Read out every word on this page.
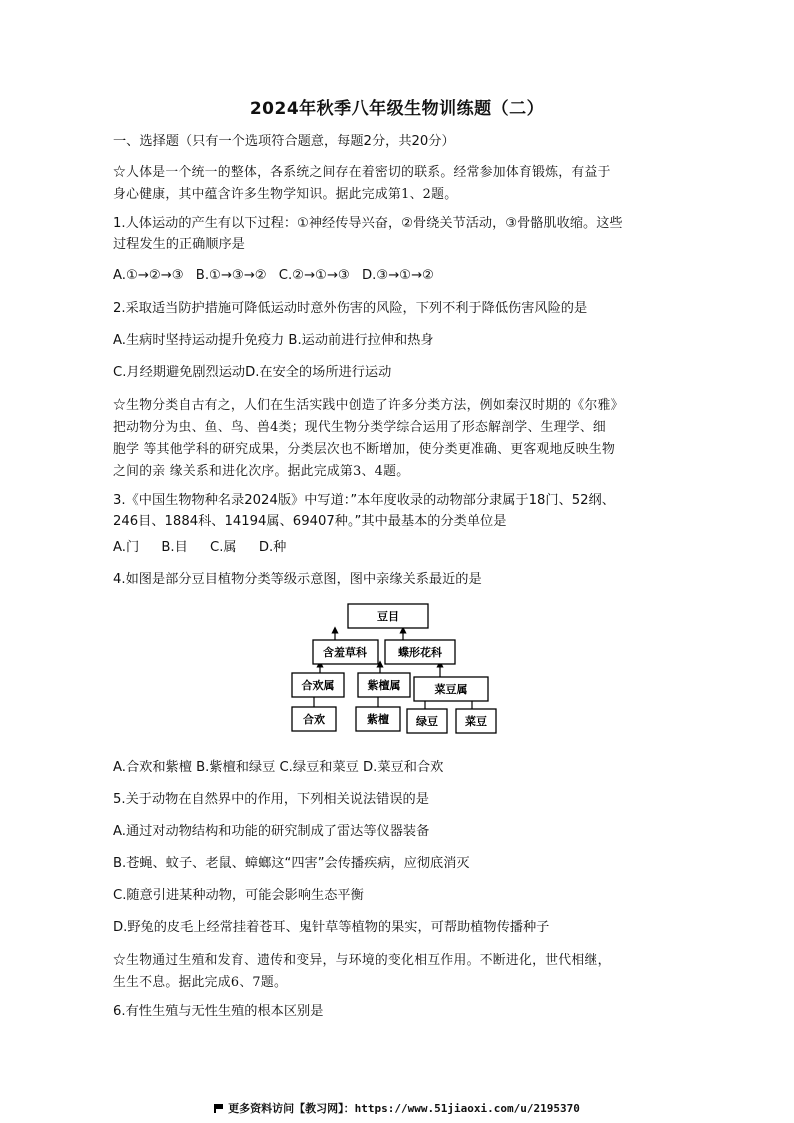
2024年秋季八年级生物训练题（二）
一、选择题（只有一个选项符合题意，每题2分，共20分）
☆人体是一个统一的整体，各系统之间存在着密切的联系。经常参加体育锻炼，有益于
身心健康，其中蕴含许多生物学知识。据此完成第1、2题。
1.人体运动的产生有以下过程：①神经传导兴奋，②骨绕关节活动，③骨骼肌收缩。这些
过程发生的正确顺序是
A.①→②→③ B.①→③→② C.②→①→③ D.③→①→②
2.采取适当防护措施可降低运动时意外伤害的风险，下列不利于降低伤害风险的是
A.生病时坚持运动提升免疫力 B.运动前进行拉伸和热身
C.月经期避免剧烈运动D.在安全的场所进行运动
☆生物分类自古有之，人们在生活实践中创造了许多分类方法，例如秦汉时期的《尔雅》
把动物分为虫、鱼、鸟、兽4类；现代生物分类学综合运用了形态解剖学、生理学、细
胞学 等其他学科的研究成果，分类层次也不断增加，使分类更准确、更客观地反映生物
之间的亲 缘关系和进化次序。据此完成第3、4题。
3.《中国生物物种名录2024版》中写道：”本年度收录的动物部分隶属于18门、52纲、
246目、1884科、14194属、69407种。”其中最基本的分类单位是
A.门 B.目 C.属 D.种
4.如图是部分豆目植物分类等级示意图，图中亲缘关系最近的是
豆目
含羞草科	蝶形花科
合欢属	紫檀属	菜豆属
合欢	紫檀 绿豆 菜豆
A.合欢和紫檀 B.紫檀和绿豆 C.绿豆和菜豆 D.菜豆和合欢
5.关于动物在自然界中的作用，下列相关说法错误的是
A.通过对动物结构和功能的研究制成了雷达等仪器装备
B.苍蝇、蚊子、老鼠、蟑螂这“四害”会传播疾病，应彻底消灭
C.随意引进某种动物，可能会影响生态平衡
D.野兔的皮毛上经常挂着苍耳、鬼针草等植物的果实，可帮助植物传播种子
☆生物通过生殖和发育、遗传和变异，与环境的变化相互作用。不断进化，世代相继，
生生不息。据此完成6、7题。
6.有性生殖与无性生殖的根本区别是
更多资料访问【教习网】：https://www.51jiaoxi.com/u/2195370
